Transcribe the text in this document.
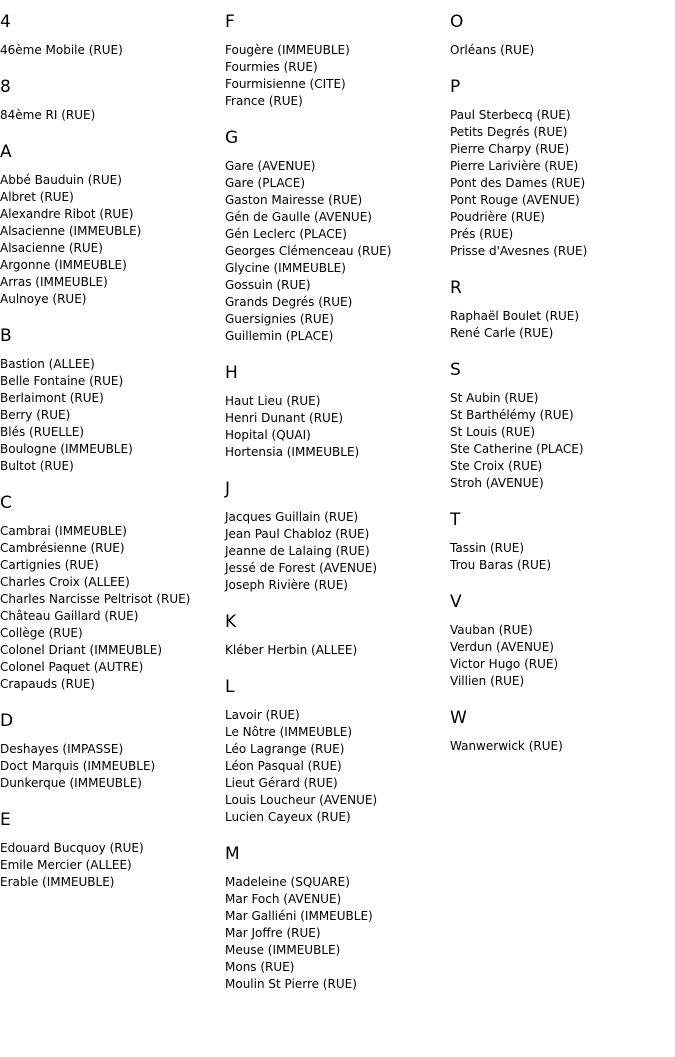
4
46ème Mobile (RUE)
8
84ème RI (RUE)
A
Abbé Bauduin (RUE)
Albret (RUE)
Alexandre Ribot (RUE)
Alsacienne (IMMEUBLE)
Alsacienne (RUE)
Argonne (IMMEUBLE)
Arras (IMMEUBLE)
Aulnoye (RUE)
B
Bastion (ALLEE)
Belle Fontaine (RUE)
Berlaimont (RUE)
Berry (RUE)
Blés (RUELLE)
Boulogne (IMMEUBLE)
Bultot (RUE)
C
Cambrai (IMMEUBLE)
Cambrésienne (RUE)
Cartignies (RUE)
Charles Croix (ALLEE)
Charles Narcisse Peltrisot (RUE)
Château Gaillard (RUE)
Collège (RUE)
Colonel Driant (IMMEUBLE)
Colonel Paquet (AUTRE)
Crapauds (RUE)
D
Deshayes (IMPASSE)
Doct Marquis (IMMEUBLE)
Dunkerque (IMMEUBLE)
E
Edouard Bucquoy (RUE)
Emile Mercier (ALLEE)
Erable (IMMEUBLE)
F
Fougère (IMMEUBLE)
Fourmies (RUE)
Fourmisienne (CITE)
France (RUE)
G
Gare (AVENUE)
Gare (PLACE)
Gaston Mairesse (RUE)
Gén de Gaulle (AVENUE)
Gén Leclerc (PLACE)
Georges Clémenceau (RUE)
Glycine (IMMEUBLE)
Gossuin (RUE)
Grands Degrés (RUE)
Guersignies (RUE)
Guillemin (PLACE)
H
Haut Lieu (RUE)
Henri Dunant (RUE)
Hopital (QUAI)
Hortensia (IMMEUBLE)
J
Jacques Guillain (RUE)
Jean Paul Chabloz (RUE)
Jeanne de Lalaing (RUE)
Jessé de Forest (AVENUE)
Joseph Rivière (RUE)
K
Kléber Herbin (ALLEE)
L
Lavoir (RUE)
Le Nôtre (IMMEUBLE)
Léo Lagrange (RUE)
Léon Pasqual (RUE)
Lieut Gérard (RUE)
Louis Loucheur (AVENUE)
Lucien Cayeux (RUE)
M
Madeleine (SQUARE)
Mar Foch (AVENUE)
Mar Galliéni (IMMEUBLE)
Mar Joffre (RUE)
Meuse (IMMEUBLE)
Mons (RUE)
Moulin St Pierre (RUE)
O
Orléans (RUE)
P
Paul Sterbecq (RUE)
Petits Degrés (RUE)
Pierre Charpy (RUE)
Pierre Larivière (RUE)
Pont des Dames (RUE)
Pont Rouge (AVENUE)
Poudrière (RUE)
Prés (RUE)
Prisse d'Avesnes (RUE)
R
Raphaël Boulet (RUE)
René Carle (RUE)
S
St Aubin (RUE)
St Barthélémy (RUE)
St Louis (RUE)
Ste Catherine (PLACE)
Ste Croix (RUE)
Stroh (AVENUE)
T
Tassin (RUE)
Trou Baras (RUE)
V
Vauban (RUE)
Verdun (AVENUE)
Victor Hugo (RUE)
Villien (RUE)
W
Wanwerwick (RUE)
